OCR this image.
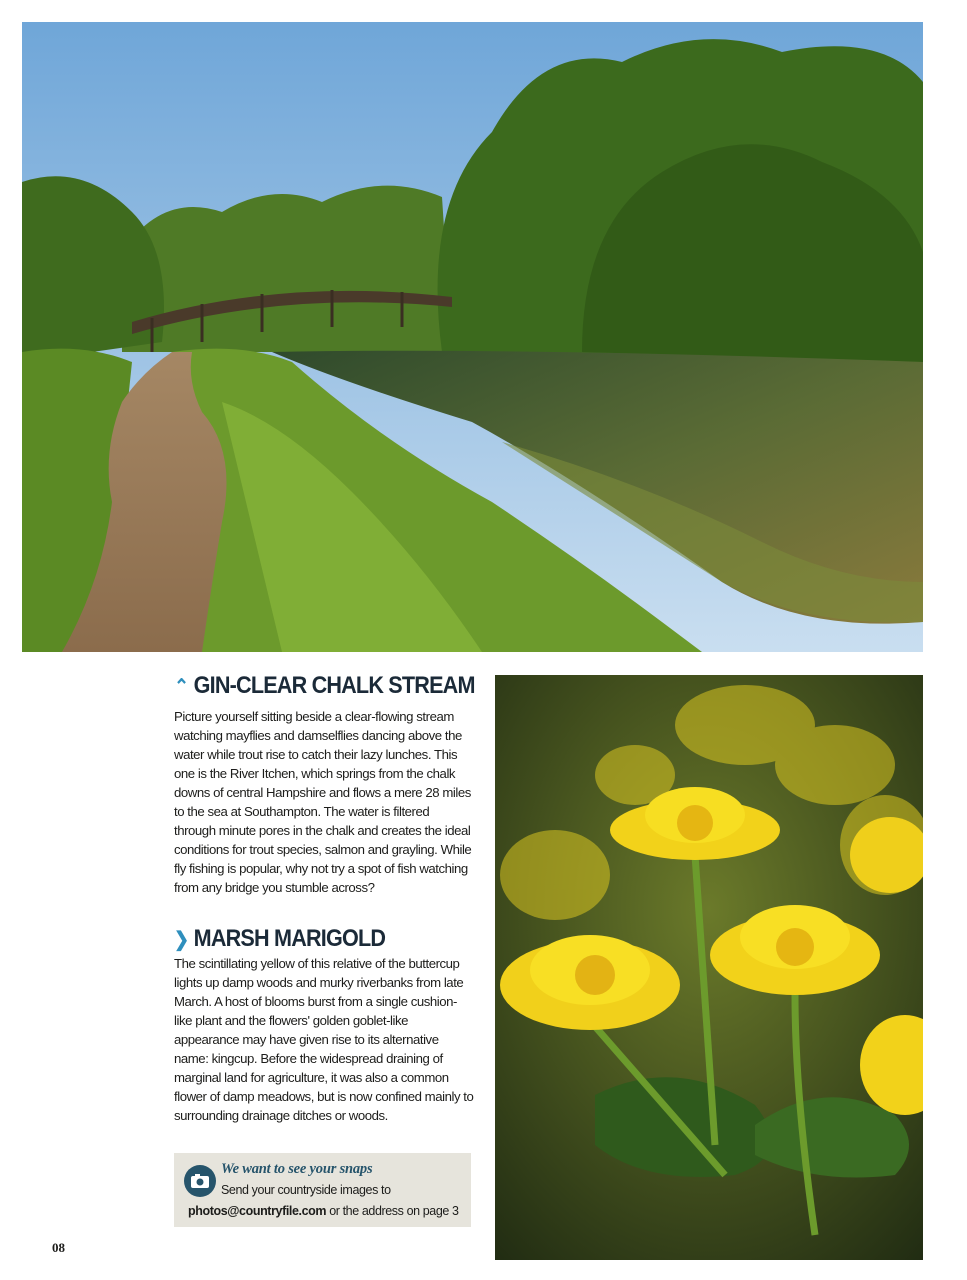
⌃ GIN-CLEAR CHALK STREAM

Picture yourself sitting beside a clear-flowing stream watching mayflies and damselflies dancing above the water while trout rise to catch their lazy lunches. This one is the River Itchen, which springs from the chalk downs of central Hampshire and flows a mere 28 miles to the sea at Southampton. The water is filtered through minute pores in the chalk and creates the ideal conditions for trout species, salmon and grayling. While fly fishing is popular, why not try a spot of fish watching from any bridge you stumble across?

❯ MARSH MARIGOLD

The scintillating yellow of this relative of the buttercup lights up damp woods and murky riverbanks from late March. A host of blooms burst from a single cushion-like plant and the flowers' golden goblet-like appearance may have given rise to its alternative name: kingcup. Before the widespread draining of marginal land for agriculture, it was also a common flower of damp meadows, but is now confined mainly to surrounding drainage ditches or woods.

We want to see your snaps
Send your countryside images to
photos@countryfile.com or the address on page 3
08
